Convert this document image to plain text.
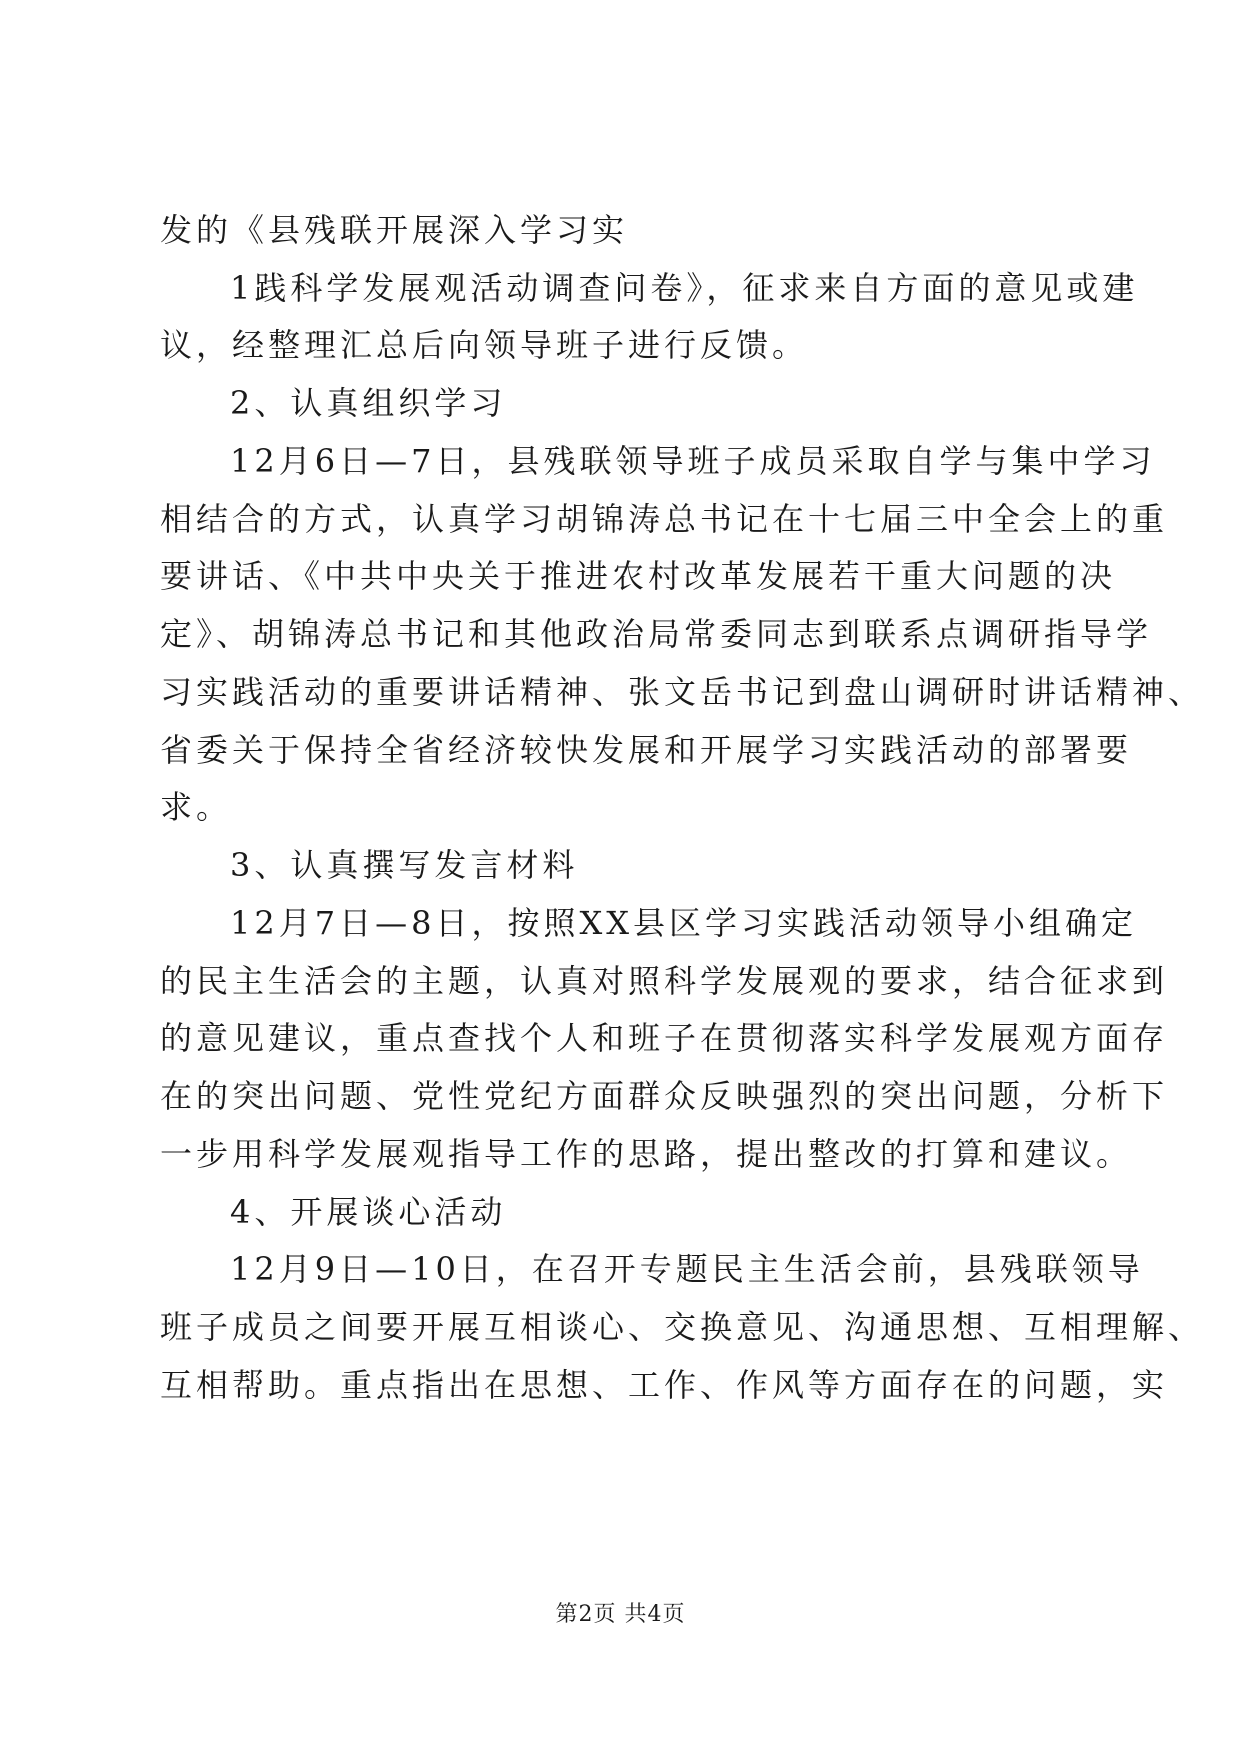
发的《县残联开展深入学习实
1践科学发展观活动调查问卷》，征求来自方面的意见或建
议，经整理汇总后向领导班子进行反馈。
2、认真组织学习
12月6日—7日，县残联领导班子成员采取自学与集中学习
相结合的方式，认真学习胡锦涛总书记在十七届三中全会上的重
要讲话、《中共中央关于推进农村改革发展若干重大问题的决
定》、胡锦涛总书记和其他政治局常委同志到联系点调研指导学
习实践活动的重要讲话精神、张文岳书记到盘山调研时讲话精神、
省委关于保持全省经济较快发展和开展学习实践活动的部署要
求。
3、认真撰写发言材料
12月7日—8日，按照XX县区学习实践活动领导小组确定
的民主生活会的主题，认真对照科学发展观的要求，结合征求到
的意见建议，重点查找个人和班子在贯彻落实科学发展观方面存
在的突出问题、党性党纪方面群众反映强烈的突出问题，分析下
一步用科学发展观指导工作的思路，提出整改的打算和建议。
4、开展谈心活动
12月9日—10日，在召开专题民主生活会前，县残联领导
班子成员之间要开展互相谈心、交换意见、沟通思想、互相理解、
互相帮助。重点指出在思想、工作、作风等方面存在的问题，实
第2页 共4页
